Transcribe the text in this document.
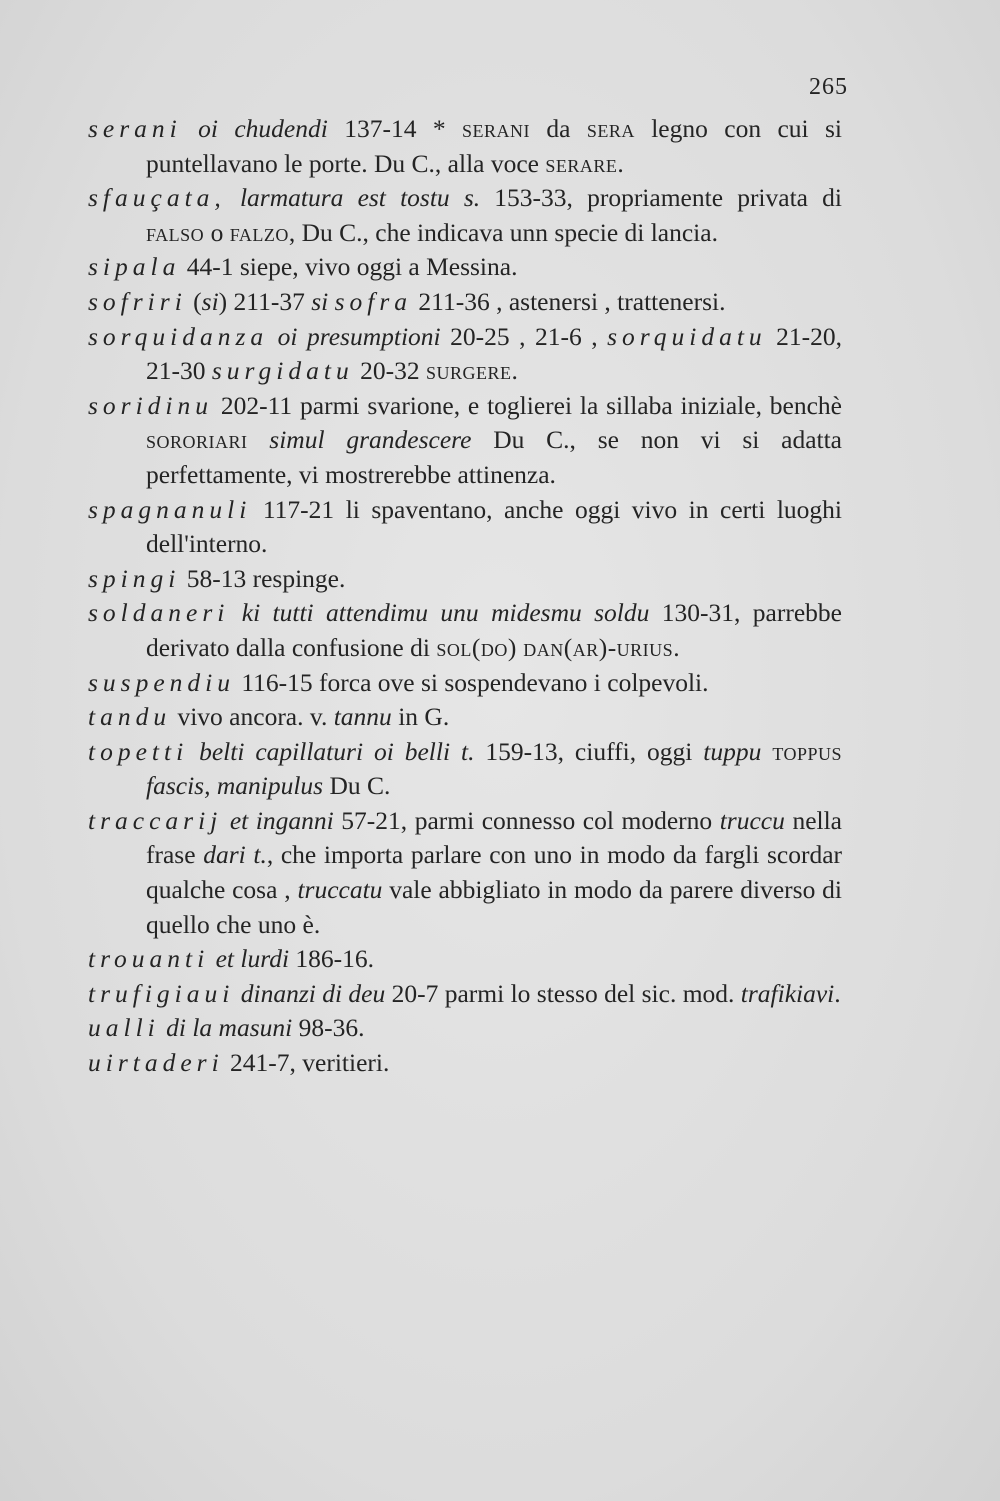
265
serani oi chudendi 137-14 * serani da sera legno con cui si puntellavano le porte. Du C., alla voce serare.
sfauçata, larmatura est tostu s. 153-33, propriamente privata di falso o falzo, Du C., che indicava unn specie di lancia.
sipala 44-1 siepe, vivo oggi a Messina.
sofriri (si) 211-37 si sofra 211-36 , astenersi , trattenersi.
sorquidanza oi presumptioni 20-25 , 21-6 , sorquidatu 21-20, 21-30 surgidatu 20-32 surgere.
soridinu 202-11 parmi svarione, e toglierei la sillaba iniziale, benchè sororiari simul grandescere Du C., se non vi si adatta perfettamente, vi mostrerebbe attinenza.
spagnanuli 117-21 li spaventano, anche oggi vivo in certi luoghi dell'interno.
spingi 58-13 respinge.
soldaneri ki tutti attendimu unu midesmu soldu 130-31, parrebbe derivato dalla confusione di sol(do) dan(ar)-urius.
suspendiu 116-15 forca ove si sospendevano i colpevoli.
tandu vivo ancora. v. tannu in G.
topetti belti capillaturi oi belli t. 159-13, ciuffi, oggi tuppu toppus fascis, manipulus Du C.
traccarij et inganni 57-21, parmi connesso col moderno truccu nella frase dari t., che importa parlare con uno in modo da fargli scordar qualche cosa , truccatu vale abbigliato in modo da parere diverso di quello che uno è.
trouanti et lurdi 186-16.
trufigiaui dinanzi di deu 20-7 parmi lo stesso del sic. mod. trafikiavi.
ualli di la masuni 98-36.
uirtaderi 241-7, veritieri.
